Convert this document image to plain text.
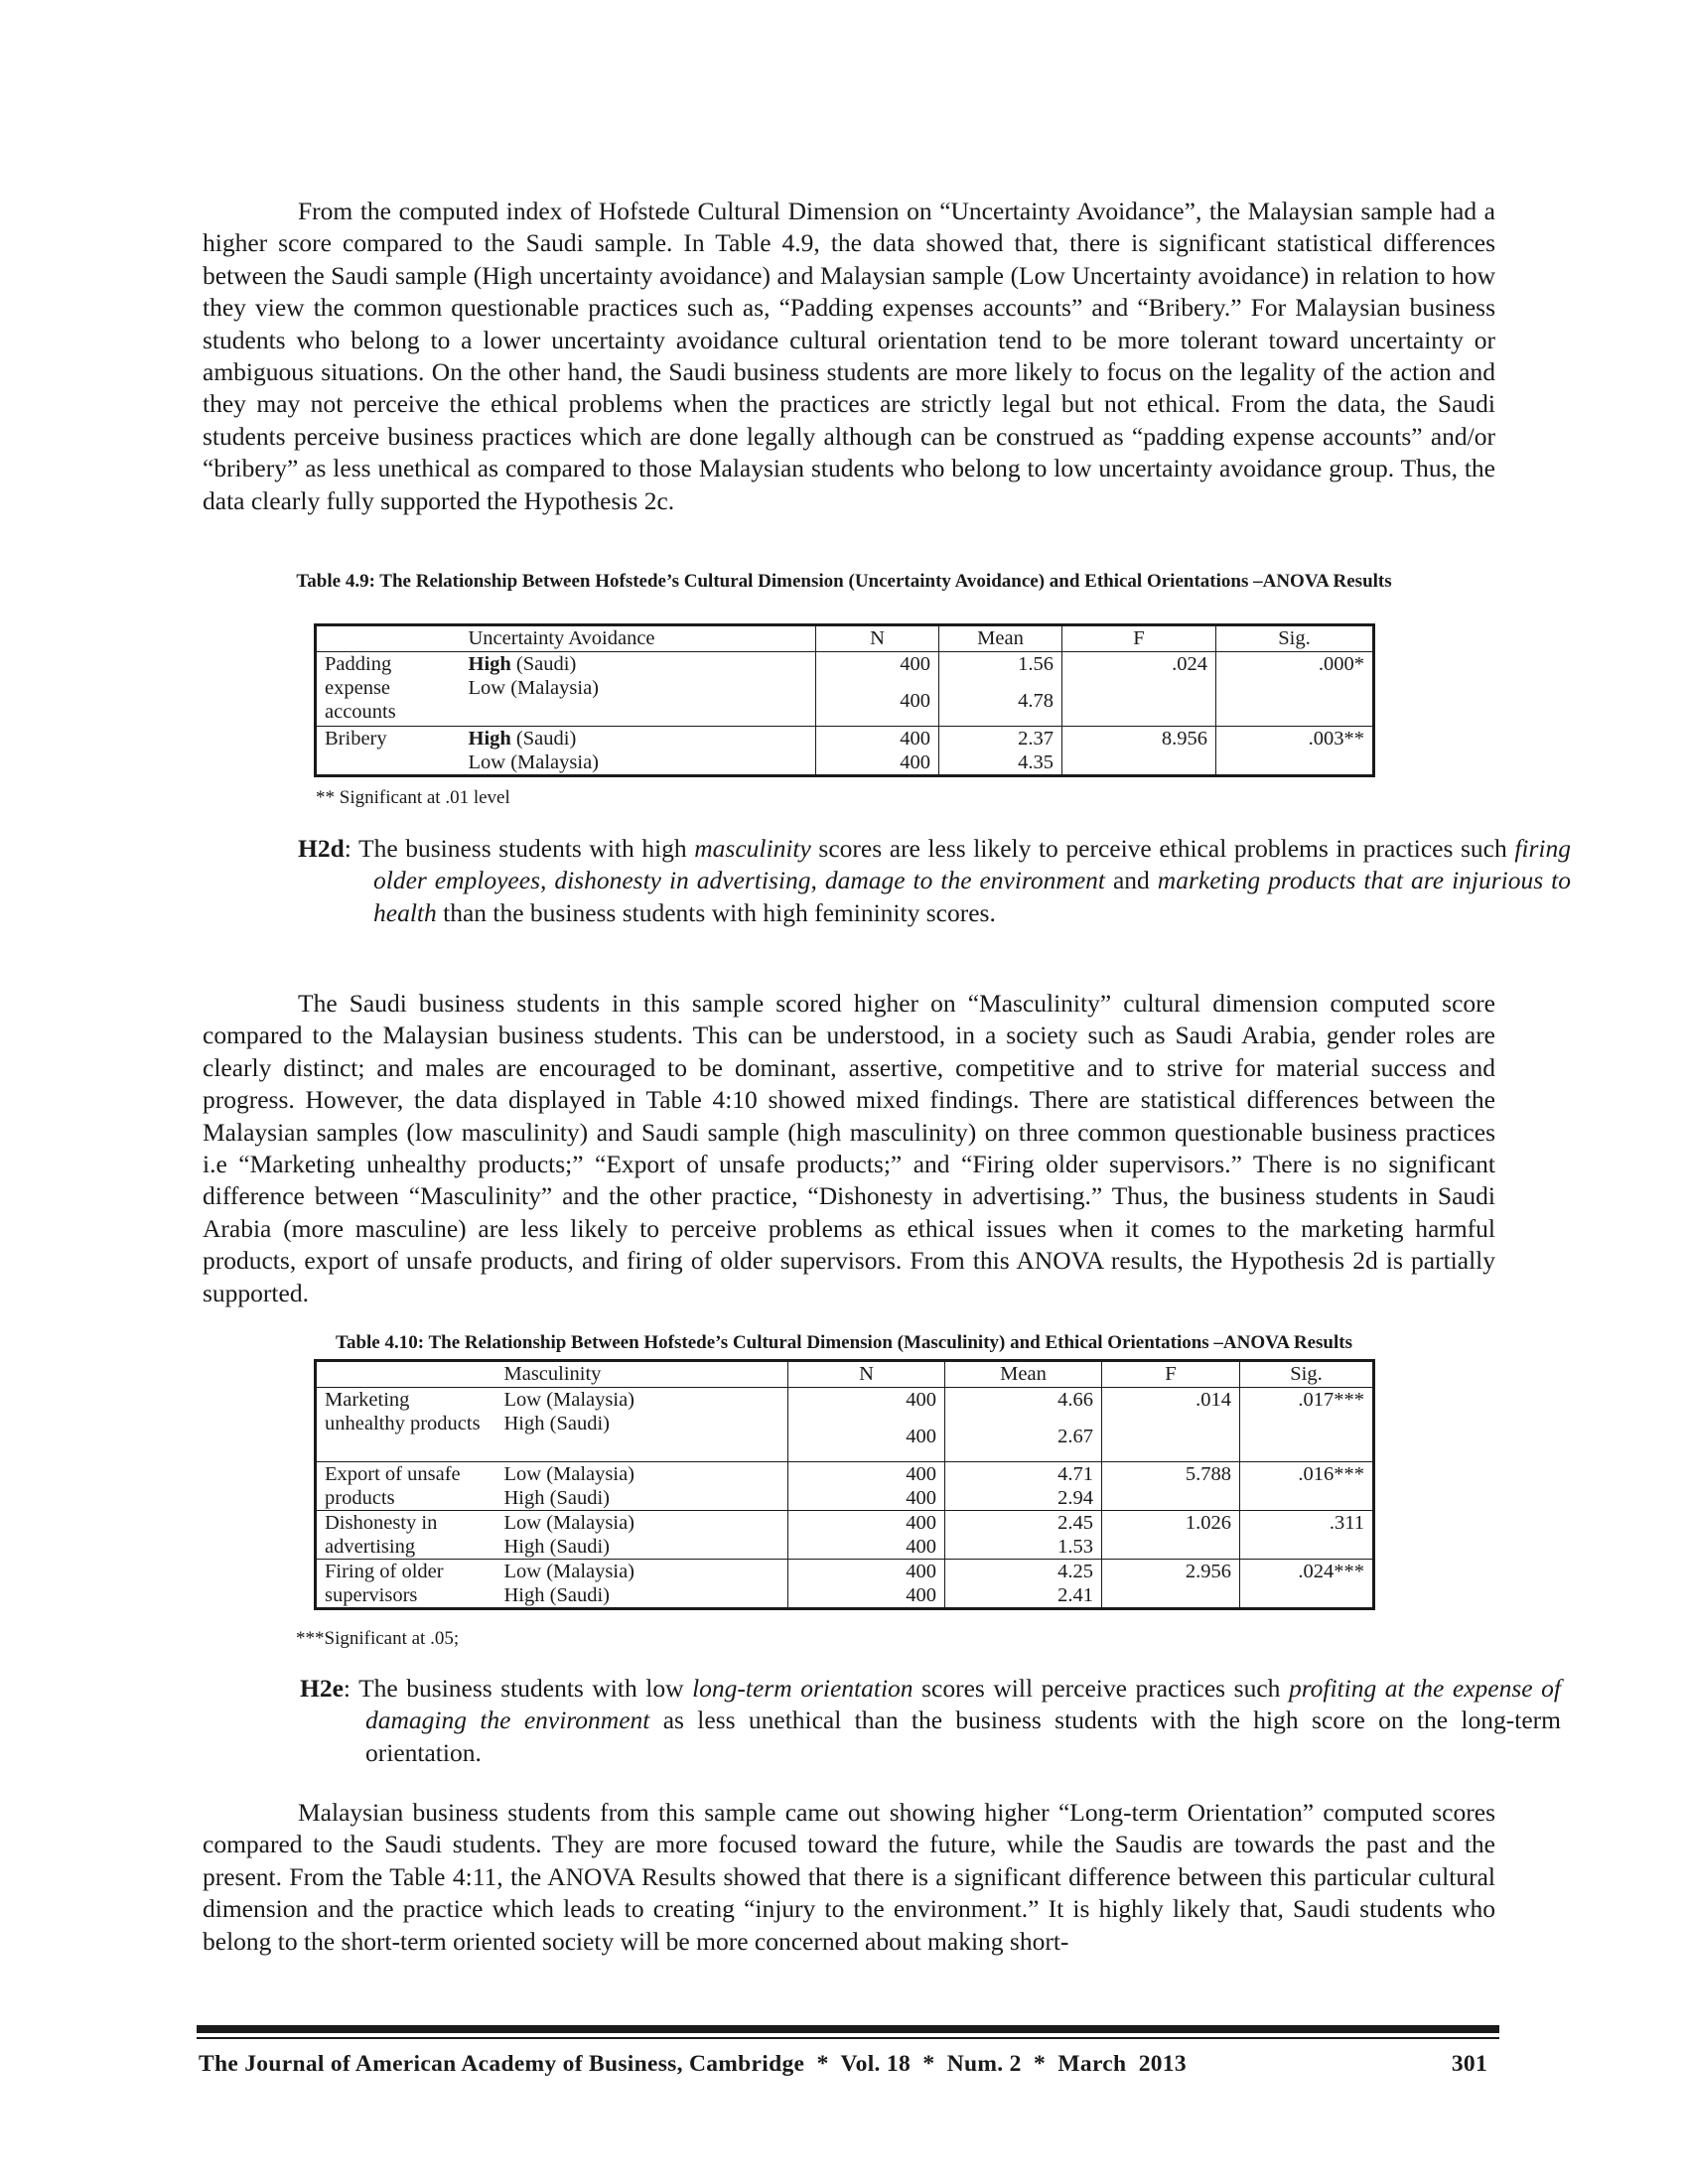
From the computed index of Hofstede Cultural Dimension on “Uncertainty Avoidance”, the Malaysian sample had a higher score compared to the Saudi sample. In Table 4.9, the data showed that, there is significant statistical differences between the Saudi sample (High uncertainty avoidance) and Malaysian sample (Low Uncertainty avoidance) in relation to how they view the common questionable practices such as, “Padding expenses accounts” and “Bribery.” For Malaysian business students who belong to a lower uncertainty avoidance cultural orientation tend to be more tolerant toward uncertainty or ambiguous situations. On the other hand, the Saudi business students are more likely to focus on the legality of the action and they may not perceive the ethical problems when the practices are strictly legal but not ethical. From the data, the Saudi students perceive business practices which are done legally although can be construed as “padding expense accounts” and/or “bribery” as less unethical as compared to those Malaysian students who belong to low uncertainty avoidance group. Thus, the data clearly fully supported the Hypothesis 2c.

Table 4.9: The Relationship Between Hofstede’s Cultural Dimension (Uncertainty Avoidance) and Ethical Orientations –ANOVA Results

	Uncertainty Avoidance	N	Mean	F	Sig.
Padding expense accounts	High (Saudi)	400	1.56	.024	.000*
	Low (Malaysia)	400	4.78		
Bribery	High (Saudi)	400	2.37	8.956	.003**
	Low (Malaysia)	400	4.35		

** Significant at .01 level

H2d: The business students with high masculinity scores are less likely to perceive ethical problems in practices such firing older employees, dishonesty in advertising, damage to the environment and marketing products that are injurious to health than the business students with high femininity scores.

The Saudi business students in this sample scored higher on “Masculinity” cultural dimension computed score compared to the Malaysian business students. This can be understood, in a society such as Saudi Arabia, gender roles are clearly distinct; and males are encouraged to be dominant, assertive, competitive and to strive for material success and progress. However, the data displayed in Table 4:10 showed mixed findings. There are statistical differences between the Malaysian samples (low masculinity) and Saudi sample (high masculinity) on three common questionable business practices i.e “Marketing unhealthy products;” “Export of unsafe products;” and “Firing older supervisors.” There is no significant difference between “Masculinity” and the other practice, “Dishonesty in advertising.” Thus, the business students in Saudi Arabia (more masculine) are less likely to perceive problems as ethical issues when it comes to the marketing harmful products, export of unsafe products, and firing of older supervisors. From this ANOVA results, the Hypothesis 2d is partially supported.

Table 4.10: The Relationship Between Hofstede’s Cultural Dimension (Masculinity) and Ethical Orientations –ANOVA Results

	Masculinity	N	Mean	F	Sig.
Marketing unhealthy products	Low (Malaysia)	400	4.66	.014	.017***
	High (Saudi)	400	2.67		
Export of unsafe products	Low (Malaysia)	400	4.71	5.788	.016***
	High (Saudi)	400	2.94		
Dishonesty in advertising	Low (Malaysia)	400	2.45	1.026	.311
	High (Saudi)	400	1.53		
Firing of older supervisors	Low (Malaysia)	400	4.25	2.956	.024***
	High (Saudi)	400	2.41		

***Significant at .05;

H2e: The business students with low long-term orientation scores will perceive practices such profiting at the expense of damaging the environment as less unethical than the business students with the high score on the long-term orientation.

Malaysian business students from this sample came out showing higher “Long-term Orientation” computed scores compared to the Saudi students. They are more focused toward the future, while the Saudis are towards the past and the present. From the Table 4:11, the ANOVA Results showed that there is a significant difference between this particular cultural dimension and the practice which leads to creating “injury to the environment.” It is highly likely that, Saudi students who belong to the short-term oriented society will be more concerned about making short-

The Journal of American Academy of Business, Cambridge  *  Vol. 18  *  Num. 2  *  March  2013	301
